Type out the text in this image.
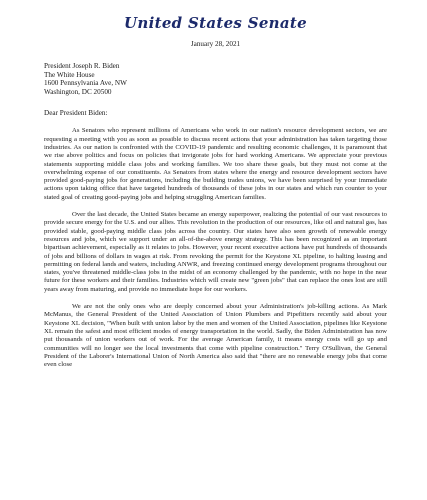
United States Senate
January 28, 2021
President Joseph R. Biden
The White House
1600 Pennsylvania Ave, NW
Washington, DC 20500
Dear President Biden:

As Senators who represent millions of Americans who work in our nation's resource development sectors, we are requesting a meeting with you as soon as possible to discuss recent actions that your administration has taken targeting those industries. As our nation is confronted with the COVID-19 pandemic and resulting economic challenges, it is paramount that we rise above politics and focus on policies that invigorate jobs for hard working Americans. We appreciate your previous statements supporting middle class jobs and working families. We too share these goals, but they must not come at the overwhelming expense of our constituents. As Senators from states where the energy and resource development sectors have provided good-paying jobs for generations, including the building trades unions, we have been surprised by your immediate actions upon taking office that have targeted hundreds of thousands of these jobs in our states and which run counter to your stated goal of creating good-paying jobs and helping struggling American families.

Over the last decade, the United States became an energy superpower, realizing the potential of our vast resources to provide secure energy for the U.S. and our allies. This revolution in the production of our resources, like oil and natural gas, has provided stable, good-paying middle class jobs across the country. Our states have also seen growth of renewable energy resources and jobs, which we support under an all-of-the-above energy strategy. This has been recognized as an important bipartisan achievement, especially as it relates to jobs. However, your recent executive actions have put hundreds of thousands of jobs and billions of dollars in wages at risk. From revoking the permit for the Keystone XL pipeline, to halting leasing and permitting on federal lands and waters, including ANWR, and freezing continued energy development programs throughout our states, you've threatened middle-class jobs in the midst of an economy challenged by the pandemic, with no hope in the near future for these workers and their families. Industries which will create new "green jobs" that can replace the ones lost are still years away from maturing, and provide no immediate hope for our workers.

We are not the only ones who are deeply concerned about your Administration's job-killing actions. As Mark McManus, the General President of the United Association of Union Plumbers and Pipefitters recently said about your Keystone XL decision, "When built with union labor by the men and women of the United Association, pipelines like Keystone XL remain the safest and most efficient modes of energy transportation in the world. Sadly, the Biden Administration has now put thousands of union workers out of work. For the average American family, it means energy costs will go up and communities will no longer see the local investments that come with pipeline construction." Terry O'Sullivan, the General President of the Laborer's International Union of North America also said that "there are no renewable energy jobs that come even close
